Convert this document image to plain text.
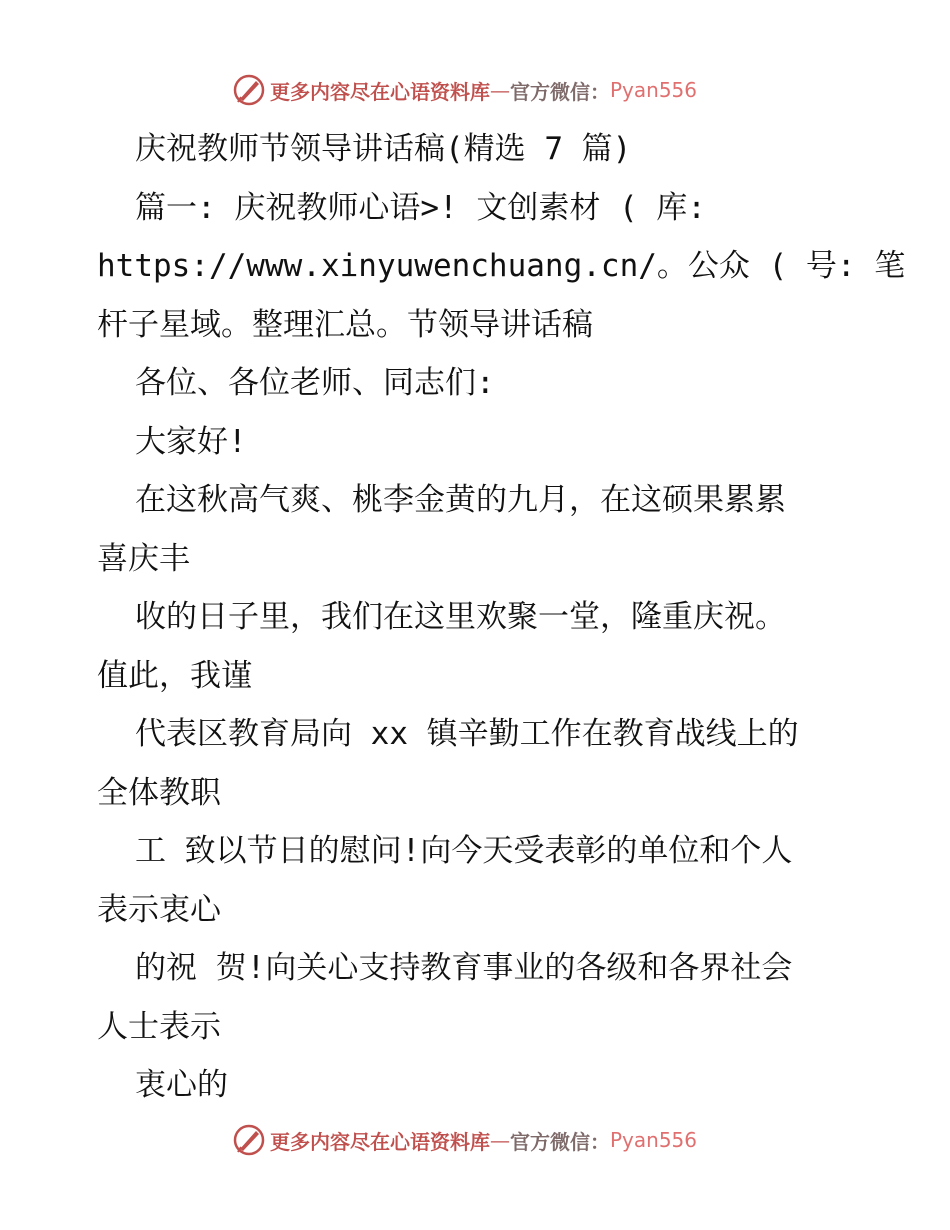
更多内容尽在心语资料库 — 官方微信： Pyan556
庆祝教师节领导讲话稿(精选 7 篇)
篇一: 庆祝教师心语>! 文创素材 ( 库:
https://www.xinyuwenchuang.cn/。公众 ( 号: 笔
杆子星域。整理汇总。节领导讲话稿
各位、各位老师、同志们:
大家好!
在这秋高气爽、桃李金黄的九月，在这硕果累累
喜庆丰
收的日子里，我们在这里欢聚一堂，隆重庆祝。
值此，我谨
代表区教育局向 xx 镇辛勤工作在教育战线上的
全体教职
工 致以节日的慰问!向今天受表彰的单位和个人
表示衷心
的祝 贺!向关心支持教育事业的各级和各界社会
人士表示
衷心的
更多内容尽在心语资料库 — 官方微信： Pyan556
